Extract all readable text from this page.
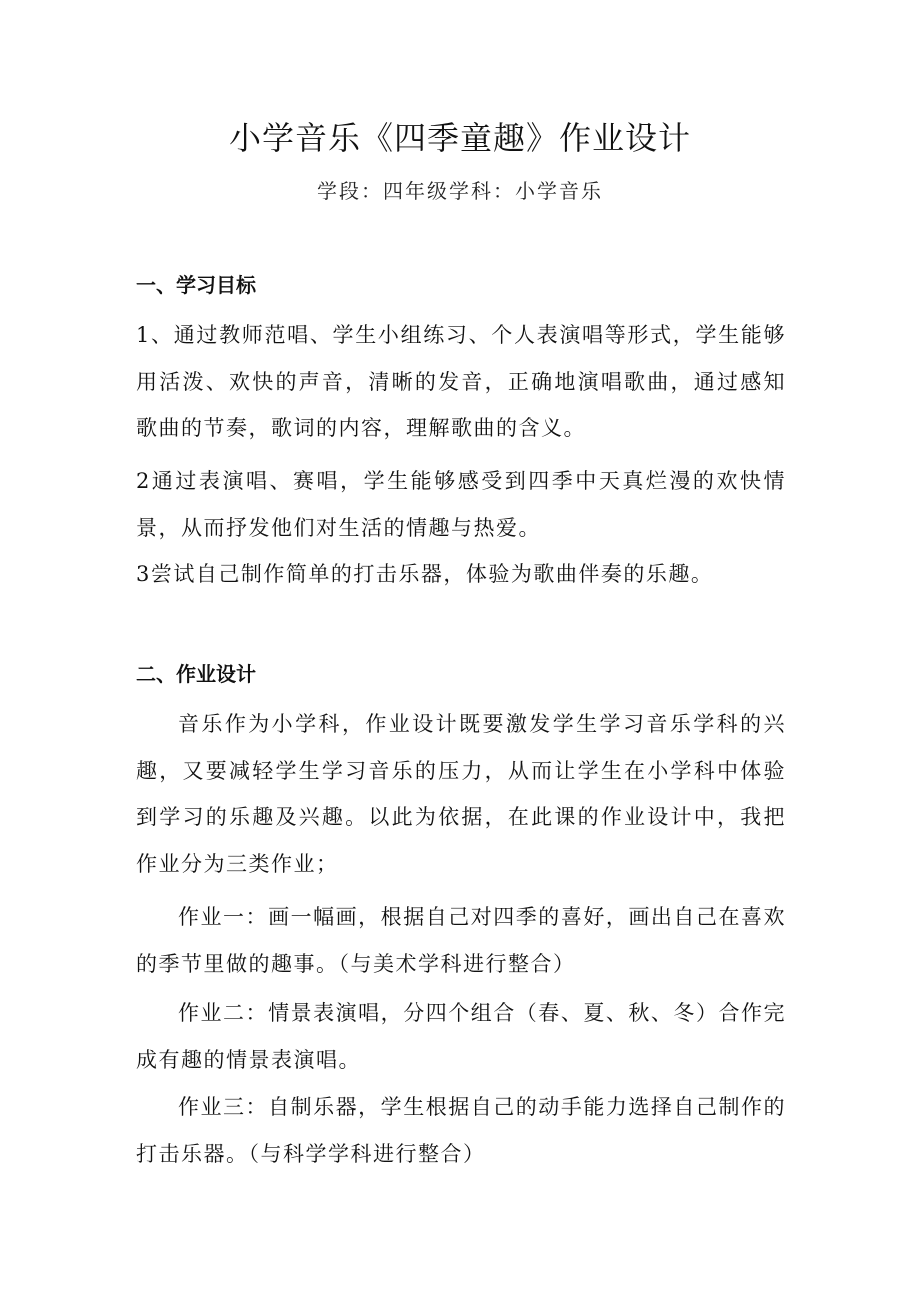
小学音乐《四季童趣》作业设计

学段：四年级学科：小学音乐

一、学习目标

1、通过教师范唱、学生小组练习、个人表演唱等形式，学生能够用活泼、欢快的声音，清晰的发音，正确地演唱歌曲，通过感知歌曲的节奏，歌词的内容，理解歌曲的含义。

2通过表演唱、赛唱，学生能够感受到四季中天真烂漫的欢快情景，从而抒发他们对生活的情趣与热爱。

3尝试自己制作简单的打击乐器，体验为歌曲伴奏的乐趣。

二、作业设计

音乐作为小学科，作业设计既要激发学生学习音乐学科的兴趣，又要减轻学生学习音乐的压力，从而让学生在小学科中体验到学习的乐趣及兴趣。以此为依据，在此课的作业设计中，我把作业分为三类作业；

作业一：画一幅画，根据自己对四季的喜好，画出自己在喜欢的季节里做的趣事。（与美术学科进行整合）

作业二：情景表演唱，分四个组合（春、夏、秋、冬）合作完成有趣的情景表演唱。

作业三：自制乐器，学生根据自己的动手能力选择自己制作的打击乐器。（与科学学科进行整合）
